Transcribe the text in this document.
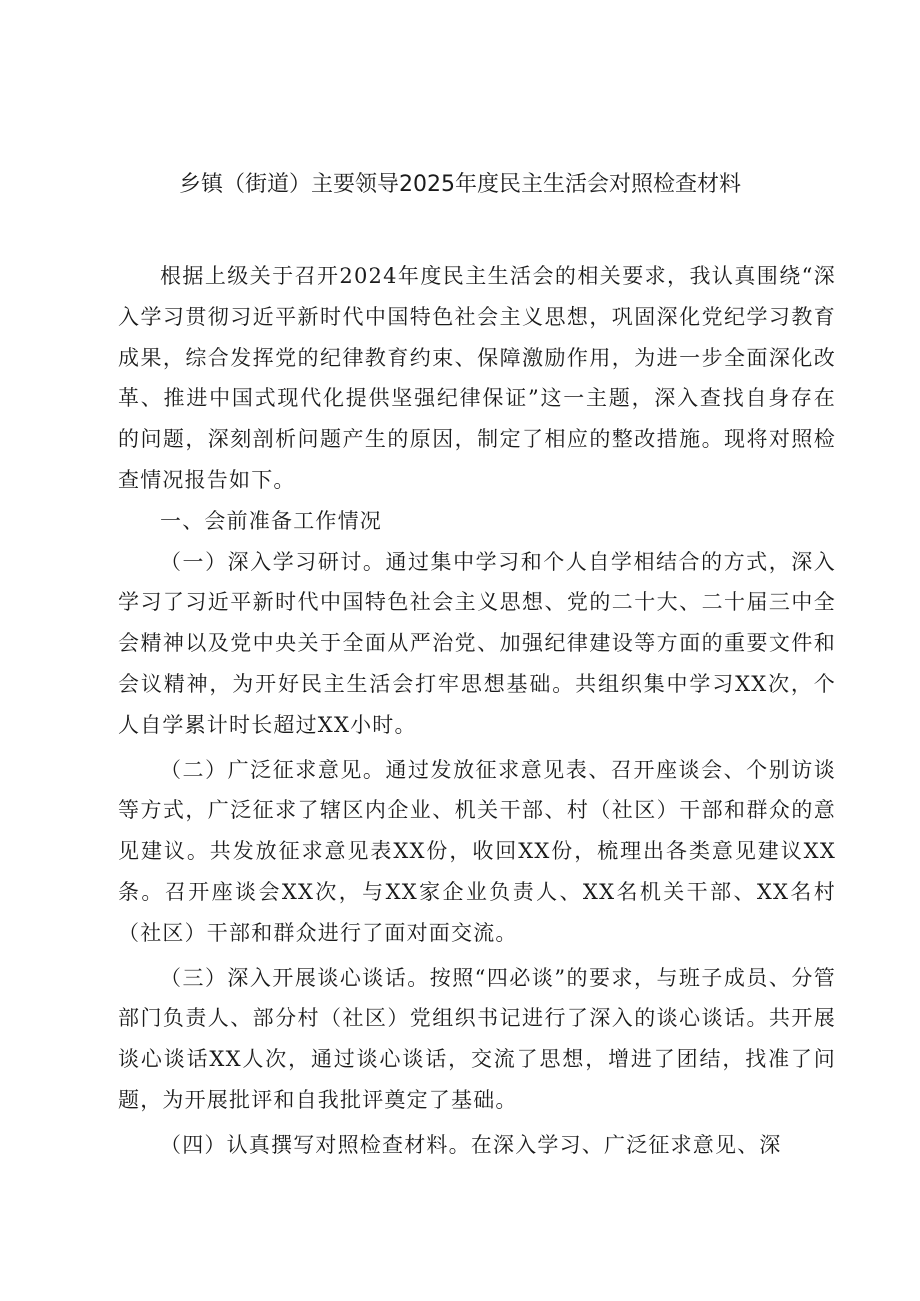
乡镇（街道）主要领导2025年度民主生活会对照检查材料

根据上级关于召开2024年度民主生活会的相关要求，我认真围绕“深入学习贯彻习近平新时代中国特色社会主义思想，巩固深化党纪学习教育成果，综合发挥党的纪律教育约束、保障激励作用，为进一步全面深化改革、推进中国式现代化提供坚强纪律保证”这一主题，深入查找自身存在的问题，深刻剖析问题产生的原因，制定了相应的整改措施。现将对照检查情况报告如下。

一、会前准备工作情况

（一）深入学习研讨。通过集中学习和个人自学相结合的方式，深入学习了习近平新时代中国特色社会主义思想、党的二十大、二十届三中全会精神以及党中央关于全面从严治党、加强纪律建设等方面的重要文件和会议精神，为开好民主生活会打牢思想基础。共组织集中学习XX次，个人自学累计时长超过XX小时。

（二）广泛征求意见。通过发放征求意见表、召开座谈会、个别访谈等方式，广泛征求了辖区内企业、机关干部、村（社区）干部和群众的意见建议。共发放征求意见表XX份，收回XX份，梳理出各类意见建议XX条。召开座谈会XX次，与XX家企业负责人、XX名机关干部、XX名村（社区）干部和群众进行了面对面交流。

（三）深入开展谈心谈话。按照“四必谈”的要求，与班子成员、分管部门负责人、部分村（社区）党组织书记进行了深入的谈心谈话。共开展谈心谈话XX人次，通过谈心谈话，交流了思想，增进了团结，找准了问题，为开展批评和自我批评奠定了基础。

（四）认真撰写对照检查材料。在深入学习、广泛征求意见、深
